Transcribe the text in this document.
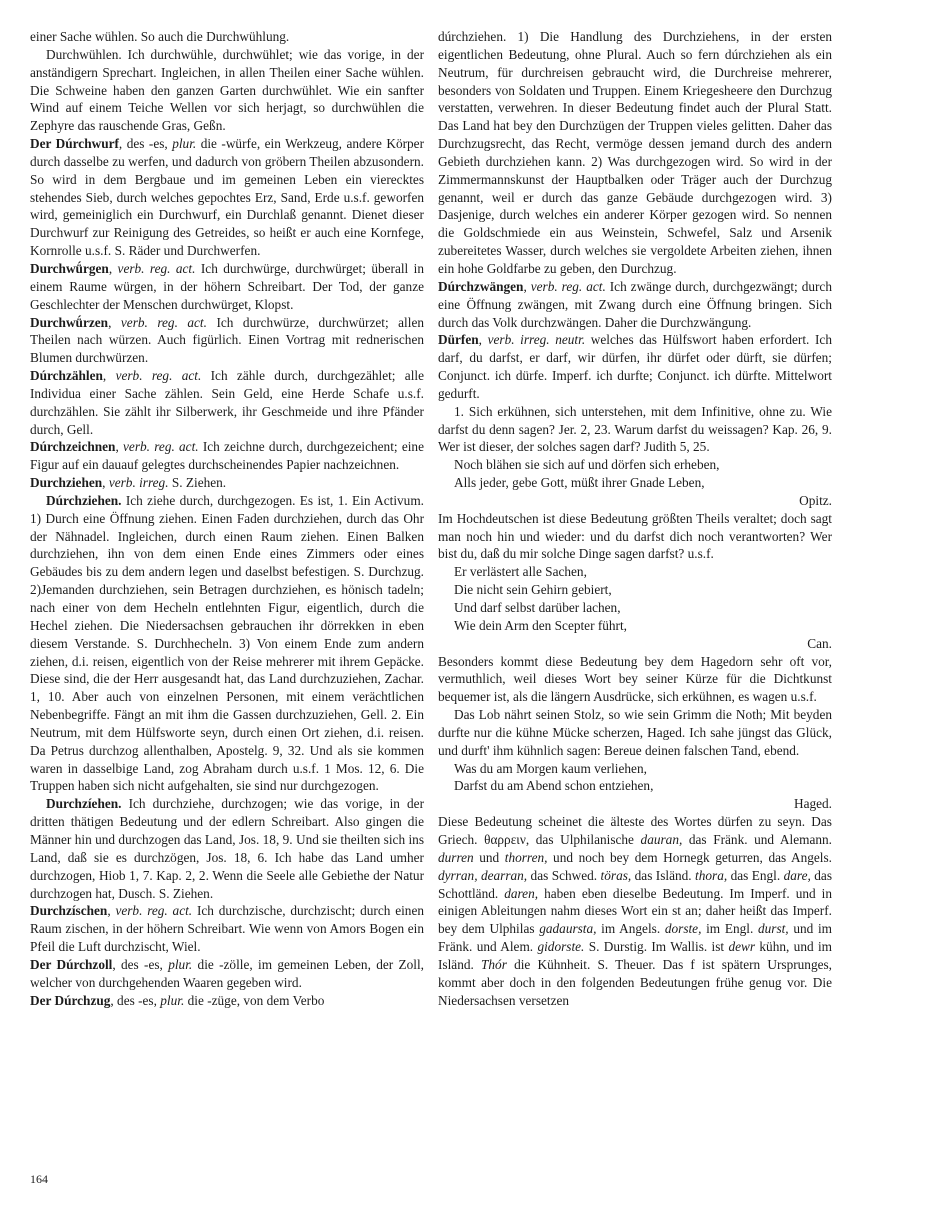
einer Sache wühlen. So auch die Durchwühlung.

Durchwühlen. Ich durchwühle, durchwühlet; wie das vorige, in der anständigern Sprechart. Ingleichen, in allen Theilen einer Sache wühlen. Die Schweine haben den ganzen Garten durchwühlet. Wie ein sanfter Wind auf einem Teiche Wellen vor sich herjagt, so durchwühlen die Zephyre das rauschende Gras, Geßn.

Der Dúrchwurf, des -es, plur. die -würfe, ein Werkzeug, andere Körper durch dasselbe zu werfen, und dadurch von gröbern Theilen abzusondern. So wird in dem Bergbaue und im gemeinen Leben ein vierecktes stehendes Sieb, durch welches gepochtes Erz, Sand, Erde u.s.f. geworfen wird, gemeiniglich ein Durchwurf, ein Durchlaß genannt. Dienet dieser Durchwurf zur Reinigung des Getreides, so heißt er auch eine Kornfege, Kornrolle u.s.f. S. Räder und Durchwerfen.

Durchwǘrgen, verb. reg. act. Ich durchwürge, durchwürget; überall in einem Raume würgen, in der höhern Schreibart. Der Tod, der ganze Geschlechter der Menschen durchwürget, Klopst.

Durchwǘrzen, verb. reg. act. Ich durchwürze, durchwürzet; allen Theilen nach würzen. Auch figürlich. Einen Vortrag mit rednerischen Blumen durchwürzen.

Dúrchzählen, verb. reg. act. Ich zähle durch, durchgezählet; alle Individua einer Sache zählen. Sein Geld, eine Herde Schafe u.s.f. durchzählen. Sie zählt ihr Silberwerk, ihr Geschmeide und ihre Pfänder durch, Gell.

Dúrchzeichnen, verb. reg. act. Ich zeichne durch, durchgezeichent; eine Figur auf ein dauauf gelegtes durchscheinendes Papier nachzeichnen.

Durchziehen, verb. irreg. S. Ziehen.

Dúrchziehen. Ich ziehe durch, durchgezogen. Es ist, 1. Ein Activum. 1) Durch eine Öffnung ziehen. Einen Faden durchziehen, durch das Ohr der Nähnadel. Ingleichen, durch einen Raum ziehen. Einen Balken durchziehen, ihn von dem einen Ende eines Zimmers oder eines Gebäudes bis zu dem andern legen und daselbst befestigen. S. Durchzug. 2)Jemanden durchziehen, sein Betragen durchziehen, es hönisch tadeln; nach einer von dem Hecheln entlehnten Figur, eigentlich, durch die Hechel ziehen. Die Niedersachsen gebrauchen ihr dörrekken in eben diesem Verstande. S. Durchhecheln. 3) Von einem Ende zum andern ziehen, d.i. reisen, eigentlich von der Reise mehrerer mit ihrem Gepäcke. Diese sind, die der Herr ausgesandt hat, das Land durchzuziehen, Zachar. 1, 10. Aber auch von einzelnen Personen, mit einem verächtlichen Nebenbegriffe. Fängt an mit ihm die Gassen durchzuziehen, Gell. 2. Ein Neutrum, mit dem Hülfsworte seyn, durch einen Ort ziehen, d.i. reisen. Da Petrus durchzog allenthalben, Apostelg. 9, 32. Und als sie kommen waren in dasselbige Land, zog Abraham durch u.s.f. 1 Mos. 12, 6. Die Truppen haben sich nicht aufgehalten, sie sind nur durchgezogen.

Durchzíehen. Ich durchziehe, durchzogen; wie das vorige, in der dritten thätigen Bedeutung und der edlern Schreibart. Also gingen die Männer hin und durchzogen das Land, Jos. 18, 9. Und sie theilten sich ins Land, daß sie es durchzögen, Jos. 18, 6. Ich habe das Land umher durchzogen, Hiob 1, 7. Kap. 2, 2. Wenn die Seele alle Gebiethe der Natur durchzogen hat, Dusch. S. Ziehen.

Durchzíschen, verb. reg. act. Ich durchzische, durchzischt; durch einen Raum zischen, in der höhern Schreibart. Wie wenn von Amors Bogen ein Pfeil die Luft durchzischt, Wiel.

Der Dúrchzoll, des -es, plur. die -zölle, im gemeinen Leben, der Zoll, welcher von durchgehenden Waaren gegeben wird.

Der Dúrchzug, des -es, plur. die -züge, von dem Verbo

dúrchziehen. 1) Die Handlung des Durchziehens, in der ersten eigentlichen Bedeutung, ohne Plural. Auch so fern dúrchziehen als ein Neutrum, für durchreisen gebraucht wird, die Durchreise mehrerer, besonders von Soldaten und Truppen. Einem Kriegesheere den Durchzug verstatten, verwehren. In dieser Bedeutung findet auch der Plural Statt. Das Land hat bey den Durchzügen der Truppen vieles gelitten. Daher das Durchzugsrecht, das Recht, vermöge dessen jemand durch des andern Gebieth durchziehen kann. 2) Was durchgezogen wird. So wird in der Zimmermannskunst der Hauptbalken oder Träger auch der Durchzug genannt, weil er durch das ganze Gebäude durchgezogen wird. 3) Dasjenige, durch welches ein anderer Körper gezogen wird. So nennen die Goldschmiede ein aus Weinstein, Schwefel, Salz und Arsenik zubereitetes Wasser, durch welches sie vergoldete Arbeiten ziehen, ihnen ein hohe Goldfarbe zu geben, den Durchzug.

Dúrchzwängen, verb. reg. act. Ich zwänge durch, durchgezwängt; durch eine Öffnung zwängen, mit Zwang durch eine Öffnung bringen. Sich durch das Volk durchzwängen. Daher die Durchzwängung.

Dürfen, verb. irreg. neutr. welches das Hülfswort haben erfordert. Ich darf, du darfst, er darf, wir dürfen, ihr dürfet oder dürft, sie dürfen; Conjunct. ich dürfe. Imperf. ich durfte; Conjunct. ich dürfte. Mittelwort gedurft.

1. Sich erkühnen, sich unterstehen, mit dem Infinitive, ohne zu. Wie darfst du denn sagen? Jer. 2, 23. Warum darfst du weissagen? Kap. 26, 9. Wer ist dieser, der solches sagen darf? Judith 5, 25.

Noch blähen sie sich auf und dörfen sich erheben,

Alls jeder, gebe Gott, müßt ihrer Gnade Leben,

Opitz.

Im Hochdeutschen ist diese Bedeutung größten Theils veraltet; doch sagt man noch hin und wieder: und du darfst dich noch verantworten? Wer bist du, daß du mir solche Dinge sagen darfst? u.s.f.

Er verlästert alle Sachen,

Die nicht sein Gehirn gebiert,

Und darf selbst darüber lachen,

Wie dein Arm den Scepter führt,

Can.

Besonders kommt diese Bedeutung bey dem Hagedorn sehr oft vor, vermuthlich, weil dieses Wort bey seiner Kürze für die Dichtkunst bequemer ist, als die längern Ausdrücke, sich erkühnen, es wagen u.s.f.

Das Lob nährt seinen Stolz, so wie sein Grimm die Noth; Mit beyden durfte nur die kühne Mücke scherzen, Haged. Ich sahe jüngst das Glück, und durft' ihm kühnlich sagen: Bereue deinen falschen Tand, ebend.

Was du am Morgen kaum verliehen,

Darfst du am Abend schon entziehen,

Haged.

Diese Bedeutung scheinet die älteste des Wortes dürfen zu seyn. Das Griech. θαρρειν, das Ulphilanische dauran, das Fränk. und Alemann. durren und thorren, und noch bey dem Hornegk geturren, das Angels. dyrran, dearran, das Schwed. töras, das Isländ. thora, das Engl. dare, das Schottländ. daren, haben eben dieselbe Bedeutung. Im Imperf. und in einigen Ableitungen nahm dieses Wort ein st an; daher heißt das Imperf. bey dem Ulphilas gadaursta, im Angels. dorste, im Engl. durst, und im Fränk. und Alem. gidorste. S. Durstig. Im Wallis. ist dewr kühn, und im Isländ. Thór die Kühnheit. S. Theuer. Das f ist spätern Ursprunges, kommt aber doch in den folgenden Bedeutungen frühe genug vor. Die Niedersachsen versetzen

164
